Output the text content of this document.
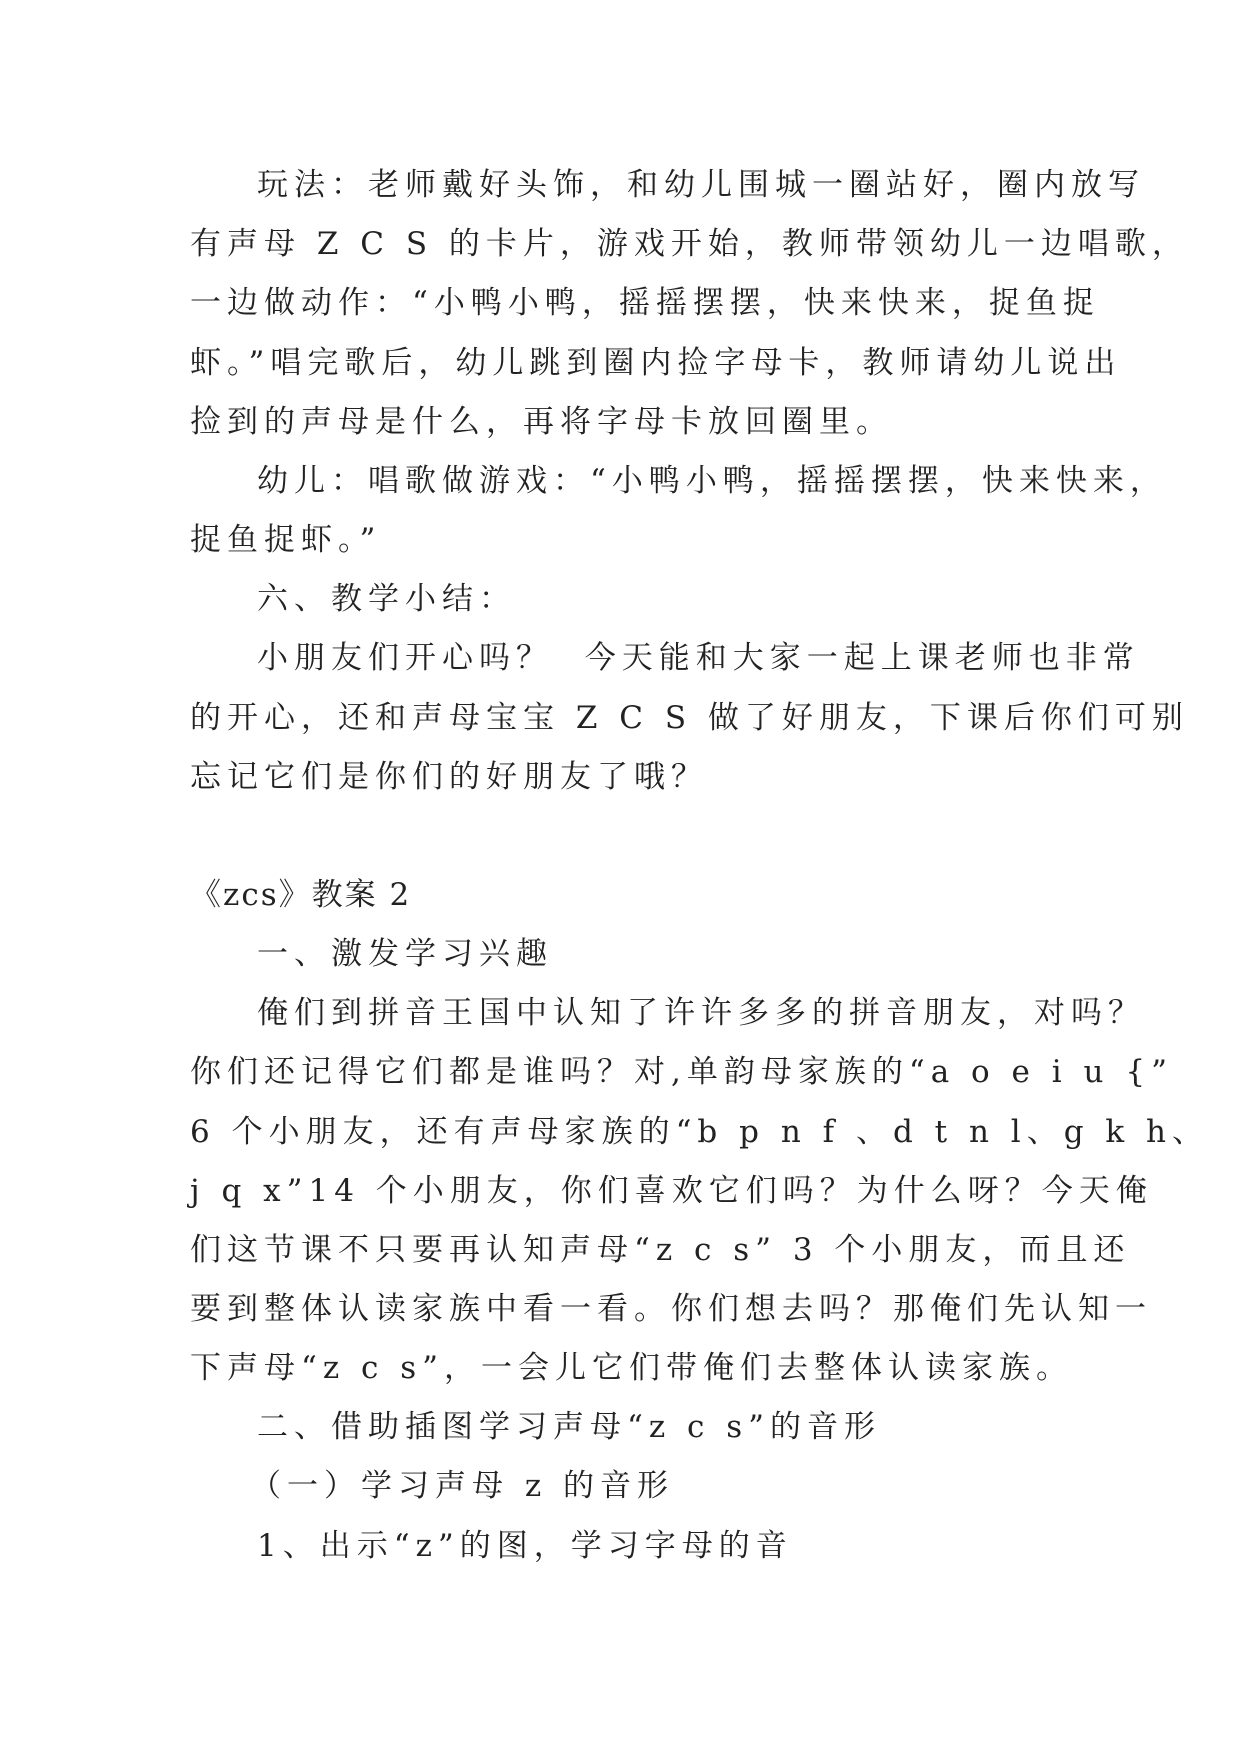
玩法：老师戴好头饰，和幼儿围城一圈站好，圈内放写
有声母 Z C S 的卡片，游戏开始，教师带领幼儿一边唱歌，
一边做动作：“小鸭小鸭，摇摇摆摆，快来快来，捉鱼捉
虾。”唱完歌后，幼儿跳到圈内捡字母卡，教师请幼儿说出
捡到的声母是什么，再将字母卡放回圈里。
幼儿：唱歌做游戏：“小鸭小鸭，摇摇摆摆，快来快来，
捉鱼捉虾。”
六、教学小结：
小朋友们开心吗？  今天能和大家一起上课老师也非常
的开心，还和声母宝宝 Z C S 做了好朋友，下课后你们可别
忘记它们是你们的好朋友了哦？
《zcs》教案 2
一、激发学习兴趣
俺们到拼音王国中认知了许许多多的拼音朋友，对吗？
你们还记得它们都是谁吗？对,单韵母家族的“a o e i u {”
6 个小朋友，还有声母家族的“b p n f 、d t n l、g k h、
j q x”14 个小朋友，你们喜欢它们吗？为什么呀？今天俺
们这节课不只要再认知声母“z c s” 3 个小朋友，而且还
要到整体认读家族中看一看。你们想去吗？那俺们先认知一
下声母“z c s”，一会儿它们带俺们去整体认读家族。
二、借助插图学习声母“z c s”的音形
（一）学习声母 z 的音形
1、出示“z”的图，学习字母的音
